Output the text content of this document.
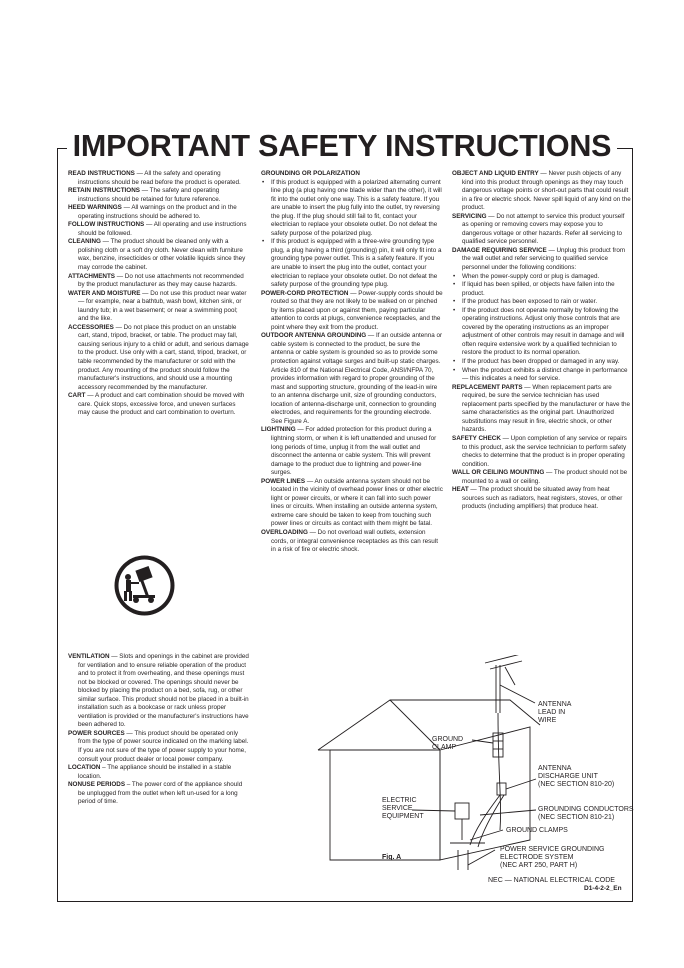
IMPORTANT SAFETY INSTRUCTIONS

READ INSTRUCTIONS — All the safety and operating instructions should be read before the product is operated.

RETAIN INSTRUCTIONS — The safety and operating instructions should be retained for future reference.

HEED WARNINGS — All warnings on the product and in the operating instructions should be adhered to.

FOLLOW INSTRUCTIONS — All operating and use instructions should be followed.

CLEANING — The product should be cleaned only with a polishing cloth or a soft dry cloth. Never clean with furniture wax, benzine, insecticides or other volatile liquids since they may corrode the cabinet.

ATTACHMENTS — Do not use attachments not recommended by the product manufacturer as they may cause hazards.

WATER AND MOISTURE — Do not use this product near water — for example, near a bathtub, wash bowl, kitchen sink, or laundry tub; in a wet basement; or near a swimming pool; and the like.

ACCESSORIES — Do not place this product on an unstable cart, stand, tripod, bracket, or table. The product may fall, causing serious injury to a child or adult, and serious damage to the product. Use only with a cart, stand, tripod, bracket, or table recommended by the manufacturer or sold with the product. Any mounting of the product should follow the manufacturer's instructions, and should use a mounting accessory recommended by the manufacturer.

CART — A product and cart combination should be moved with care. Quick stops, excessive force, and uneven surfaces may cause the product and cart combination to overturn.

VENTILATION — Slots and openings in the cabinet are provided for ventilation and to ensure reliable operation of the product and to protect it from overheating, and these openings must not be blocked or covered. The openings should never be blocked by placing the product on a bed, sofa, rug, or other similar surface. This product should not be placed in a built-in installation such as a bookcase or rack unless proper ventilation is provided or the manufacturer's instructions have been adhered to.

POWER SOURCES — This product should be operated only from the type of power source indicated on the marking label. If you are not sure of the type of power supply to your home, consult your product dealer or local power company.

LOCATION – The appliance should be installed in a stable location.

NONUSE PERIODS – The power cord of the appliance should be unplugged from the outlet when left un-used for a long period of time.

GROUNDING OR POLARIZATION

• If this product is equipped with a polarized alternating current line plug (a plug having one blade wider than the other), it will fit into the outlet only one way. This is a safety feature. If you are unable to insert the plug fully into the outlet, try reversing the plug. If the plug should still fail to fit, contact your electrician to replace your obsolete outlet. Do not defeat the safety purpose of the polarized plug.
• If this product is equipped with a three-wire grounding type plug, a plug having a third (grounding) pin, it will only fit into a grounding type power outlet. This is a safety feature. If you are unable to insert the plug into the outlet, contact your electrician to replace your obsolete outlet. Do not defeat the safety purpose of the grounding type plug.

POWER-CORD PROTECTION — Power-supply cords should be routed so that they are not likely to be walked on or pinched by items placed upon or against them, paying particular attention to cords at plugs, convenience receptacles, and the point where they exit from the product.

OUTDOOR ANTENNA GROUNDING — If an outside antenna or cable system is connected to the product, be sure the antenna or cable system is grounded so as to provide some protection against voltage surges and built-up static charges. Article 810 of the National Electrical Code, ANSI/NFPA 70, provides information with regard to proper grounding of the mast and supporting structure, grounding of the lead-in wire to an antenna discharge unit, size of grounding conductors, location of antenna-discharge unit, connection to grounding electrodes, and requirements for the grounding electrode. See Figure A.

LIGHTNING — For added protection for this product during a lightning storm, or when it is left unattended and unused for long periods of time, unplug it from the wall outlet and disconnect the antenna or cable system. This will prevent damage to the product due to lightning and power-line surges.

POWER LINES — An outside antenna system should not be located in the vicinity of overhead power lines or other electric light or power circuits, or where it can fall into such power lines or circuits. When installing an outside antenna system, extreme care should be taken to keep from touching such power lines or circuits as contact with them might be fatal.

OVERLOADING — Do not overload wall outlets, extension cords, or integral convenience receptacles as this can result in a risk of fire or electric shock.

OBJECT AND LIQUID ENTRY — Never push objects of any kind into this product through openings as they may touch dangerous voltage points or short-out parts that could result in a fire or electric shock. Never spill liquid of any kind on the product.

SERVICING — Do not attempt to service this product yourself as opening or removing covers may expose you to dangerous voltage or other hazards. Refer all servicing to qualified service personnel.

DAMAGE REQUIRING SERVICE — Unplug this product from the wall outlet and refer servicing to qualified service personnel under the following conditions:

• When the power-supply cord or plug is damaged.
• If liquid has been spilled, or objects have fallen into the product.
• If the product has been exposed to rain or water.
• If the product does not operate normally by following the operating instructions. Adjust only those controls that are covered by the operating instructions as an improper adjustment of other controls may result in damage and will often require extensive work by a qualified technician to restore the product to its normal operation.
• If the product has been dropped or damaged in any way.
• When the product exhibits a distinct change in performance — this indicates a need for service.

REPLACEMENT PARTS — When replacement parts are required, be sure the service technician has used replacement parts specified by the manufacturer or have the same characteristics as the original part. Unauthorized substitutions may result in fire, electric shock, or other hazards.

SAFETY CHECK — Upon completion of any service or repairs to this product, ask the service technician to perform safety checks to determine that the product is in proper operating condition.

WALL OR CEILING MOUNTING — The product should not be mounted to a wall or ceiling.

HEAT — The product should be situated away from heat sources such as radiators, heat registers, stoves, or other products (including amplifiers) that produce heat.

ANTENNA
LEAD IN
WIRE
GROUND
CLAMP
ELECTRIC
SERVICE
EQUIPMENT
ANTENNA
DISCHARGE UNIT
(NEC SECTION 810-20)
GROUNDING CONDUCTORS
(NEC SECTION 810-21)
GROUND CLAMPS
POWER SERVICE GROUNDING
ELECTRODE SYSTEM
(NEC ART 250, PART H)
NEC — NATIONAL ELECTRICAL CODE
Fig. A
D1-4-2-2_En
